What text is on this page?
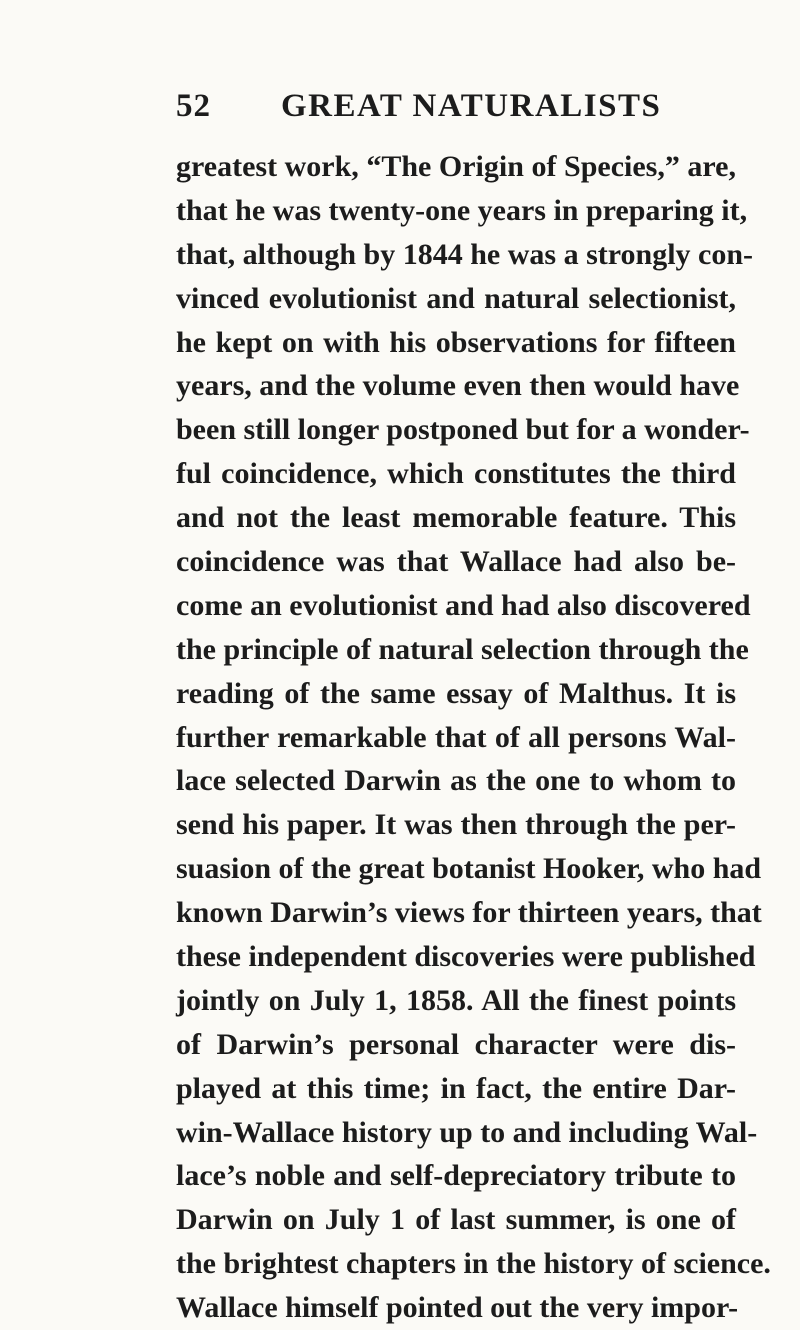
52 GREAT NATURALISTS
greatest work, “The Origin of Species,” are,
that he was twenty-one years in preparing it,
that, although by 1844 he was a strongly con-
vinced evolutionist and natural selectionist,
he kept on with his observations for fifteen
years, and the volume even then would have
been still longer postponed but for a wonder-
ful coincidence, which constitutes the third
and not the least memorable feature. This
coincidence was that Wallace had also be-
come an evolutionist and had also discovered
the principle of natural selection through the
reading of the same essay of Malthus. It is
further remarkable that of all persons Wal-
lace selected Darwin as the one to whom to
send his paper. It was then through the per-
suasion of the great botanist Hooker, who had
known Darwin’s views for thirteen years, that
these independent discoveries were published
jointly on July 1, 1858. All the finest points
of Darwin’s personal character were dis-
played at this time; in fact, the entire Dar-
win-Wallace history up to and including Wal-
lace’s noble and self-depreciatory tribute to
Darwin on July 1 of last summer, is one of
the brightest chapters in the history of science.
Wallace himself pointed out the very impor-
